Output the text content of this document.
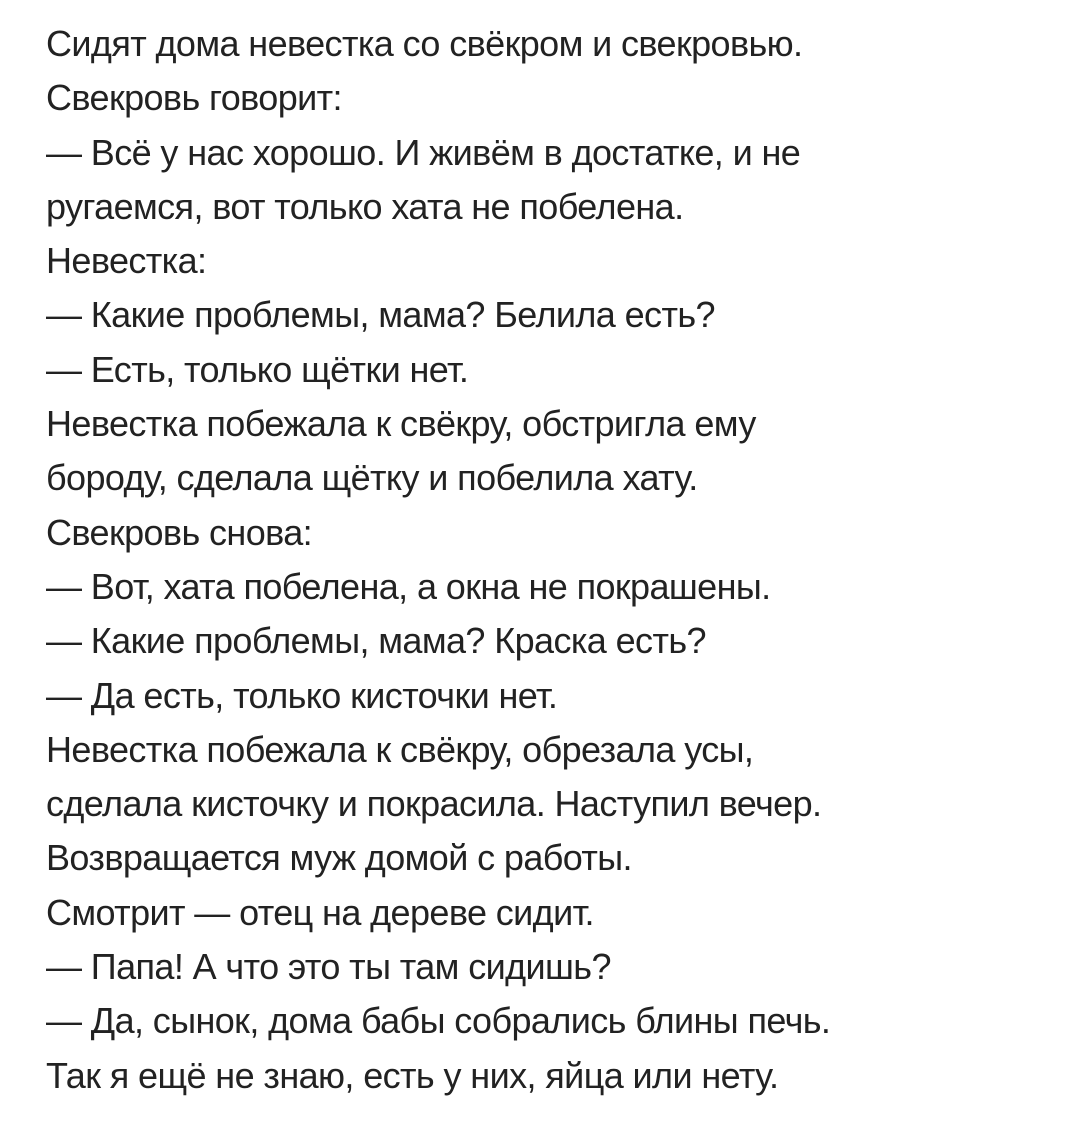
Сидят дома невестка со свёкром и свекровью.
Свекровь говорит:
— Всё у нас хорошо. И живём в достатке, и не
ругаемся, вот только хата не побелена.
Невестка:
— Какие проблемы, мама? Белила есть?
— Есть, только щётки нет.
Невестка побежала к свёкру, обстригла ему
бороду, сделала щётку и побелила хату.
Свекровь снова:
— Вот, хата побелена, а окна не покрашены.
— Какие проблемы, мама? Краска есть?
— Да есть, только кисточки нет.
Невестка побежала к свёкру, обрезала усы,
сделала кисточку и покрасила. Наступил вечер.
Возвращается муж домой с работы.
Смотрит — отец на дереве сидит.
— Папа! А что это ты там сидишь?
— Да, сынок, дома бабы собрались блины печь.
Так я ещё не знаю, есть у них, яйца или нету.
